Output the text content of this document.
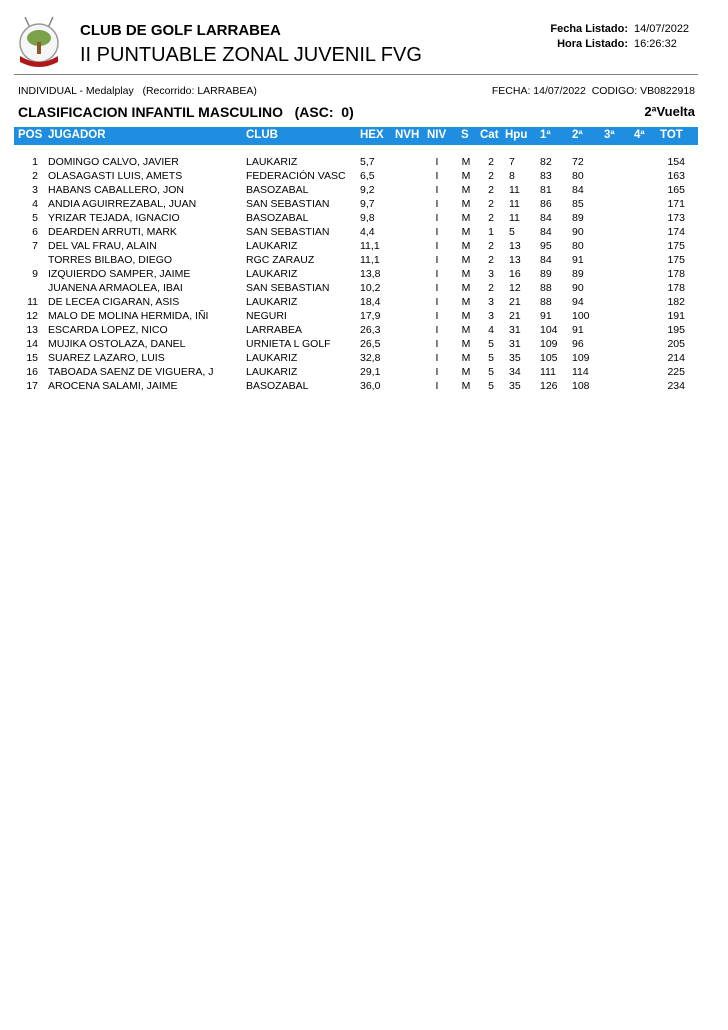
CLUB DE GOLF LARRABEA
II PUNTUABLE ZONAL JUVENIL FVG
Fecha Listado: 14/07/2022
Hora Listado: 16:26:32
INDIVIDUAL - Medalplay   (Recorrido: LARRABEA)	FECHA: 14/07/2022  CODIGO: VB0822918
CLASIFICACION INFANTIL MASCULINO   (ASC:  0)	2ªVuelta
POS JUGADOR	CLUB	HEX NVH NIV S Cat Hpu 1ª 2ª 3ª 4ª TOT
1 DOMINGO CALVO, JAVIER	LAUKARIZ	5,7	I	M 2 7	82	72	154
2 OLASAGASTI LUIS, AMETS	FEDERACIÓN VASC	6,5	I	M 2 8	83	80	163
3 HABANS CABALLERO, JON	BASOZABAL	9,2	I	M 2 11	81	84	165
4 ANDIA AGUIRREZABAL, JUAN	SAN SEBASTIAN	9,7	I	M 2 11	86	85	171
5 YRIZAR TEJADA, IGNACIO	BASOZABAL	9,8	I	M 2 11	84	89	173
6 DEARDEN ARRUTI, MARK	SAN SEBASTIAN	4,4	I	M 1 5	84	90	174
7 DEL VAL FRAU, ALAIN	LAUKARIZ	11,1	I	M 2 13	95	80	175
TORRES BILBAO, DIEGO	RGC ZARAUZ	11,1	I	M 2 13	84	91	175
9 IZQUIERDO SAMPER, JAIME	LAUKARIZ	13,8	I	M 3 16	89	89	178
JUANENA ARMAOLEA, IBAI	SAN SEBASTIAN	10,2	I	M 2 12	88	90	178
11 DE LECEA CIGARAN, ASIS	LAUKARIZ	18,4	I	M 3 21	88	94	182
12 MALO DE MOLINA HERMIDA, IÑI	NEGURI	17,9	I	M 3 21	91	100	191
13 ESCARDA LOPEZ, NICO	LARRABEA	26,3	I	M 4 31	104	91	195
14 MUJIKA OSTOLAZA, DANEL	URNIETA L GOLF	26,5	I	M 5 31	109	96	205
15 SUAREZ LAZARO, LUIS	LAUKARIZ	32,8	I	M 5 35	105	109	214
16 TABOADA SAENZ DE VIGUERA, J	LAUKARIZ	29,1	I	M 5 34	111	114	225
17 AROCENA SALAMI, JAIME	BASOZABAL	36,0	I	M 5 35	126	108	234
